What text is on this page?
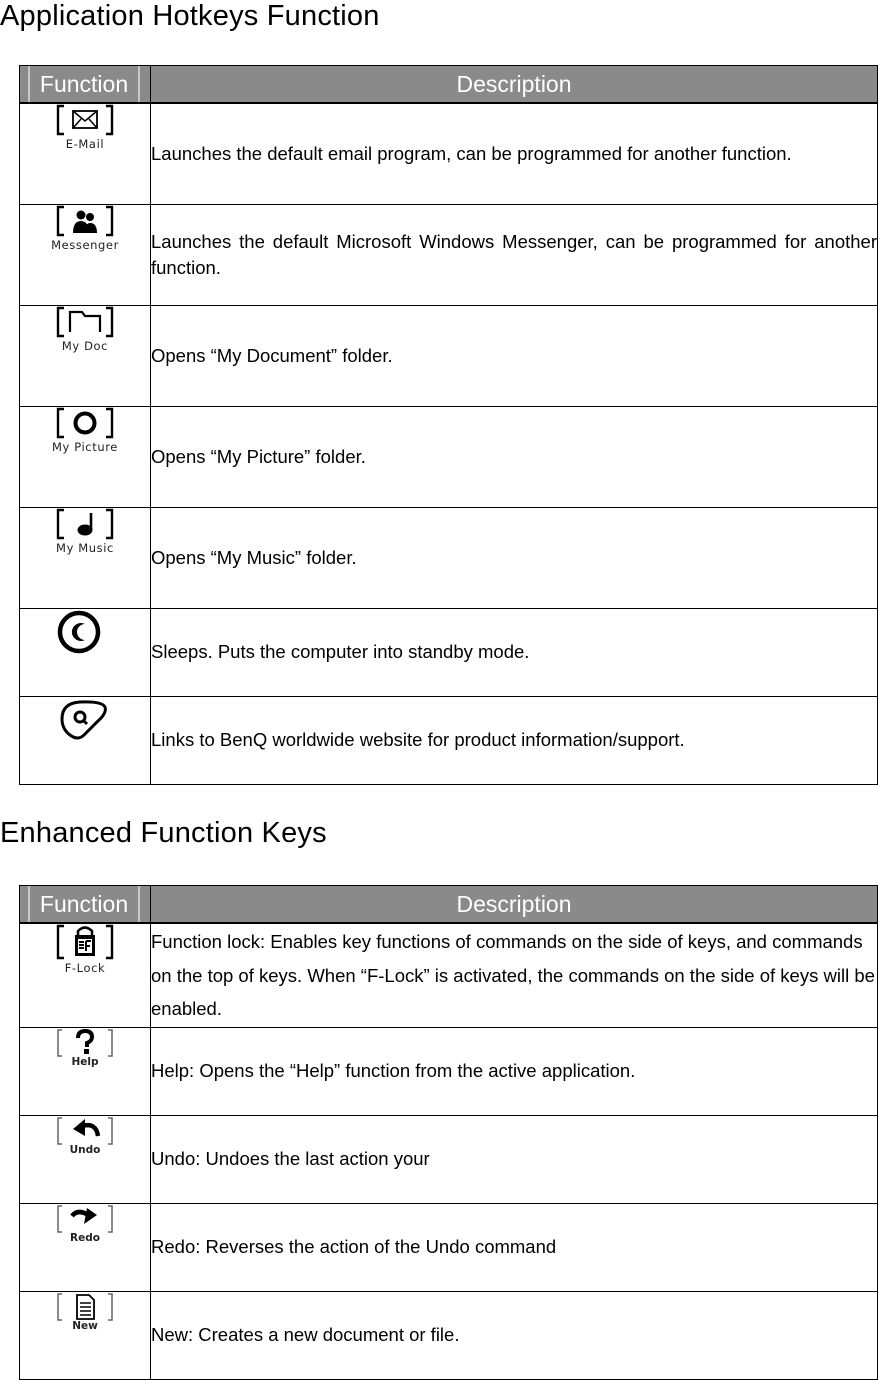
Application Hotkeys Function
Function	Description

E-Mail	Launches the default email program, can be programmed for another function.

Messenger	Launches the default Microsoft Windows Messenger, can be programmed for another function.

My Doc	Opens “My Document” folder.

My Picture	Opens “My Picture” folder.

My Music	Opens “My Music” folder.

	Sleeps. Puts the computer into standby mode.

	Links to BenQ worldwide website for product information/support.
Enhanced Function Keys
Function	Description

F-Lock	Function lock: Enables key functions of commands on the side of keys, and commands on the top of keys. When “F-Lock” is activated, the commands on the side of keys will be enabled.

Help	Help: Opens the “Help” function from the active application.

Undo	Undo: Undoes the last action your

Redo	Redo: Reverses the action of the Undo command

New	New: Creates a new document or file.
